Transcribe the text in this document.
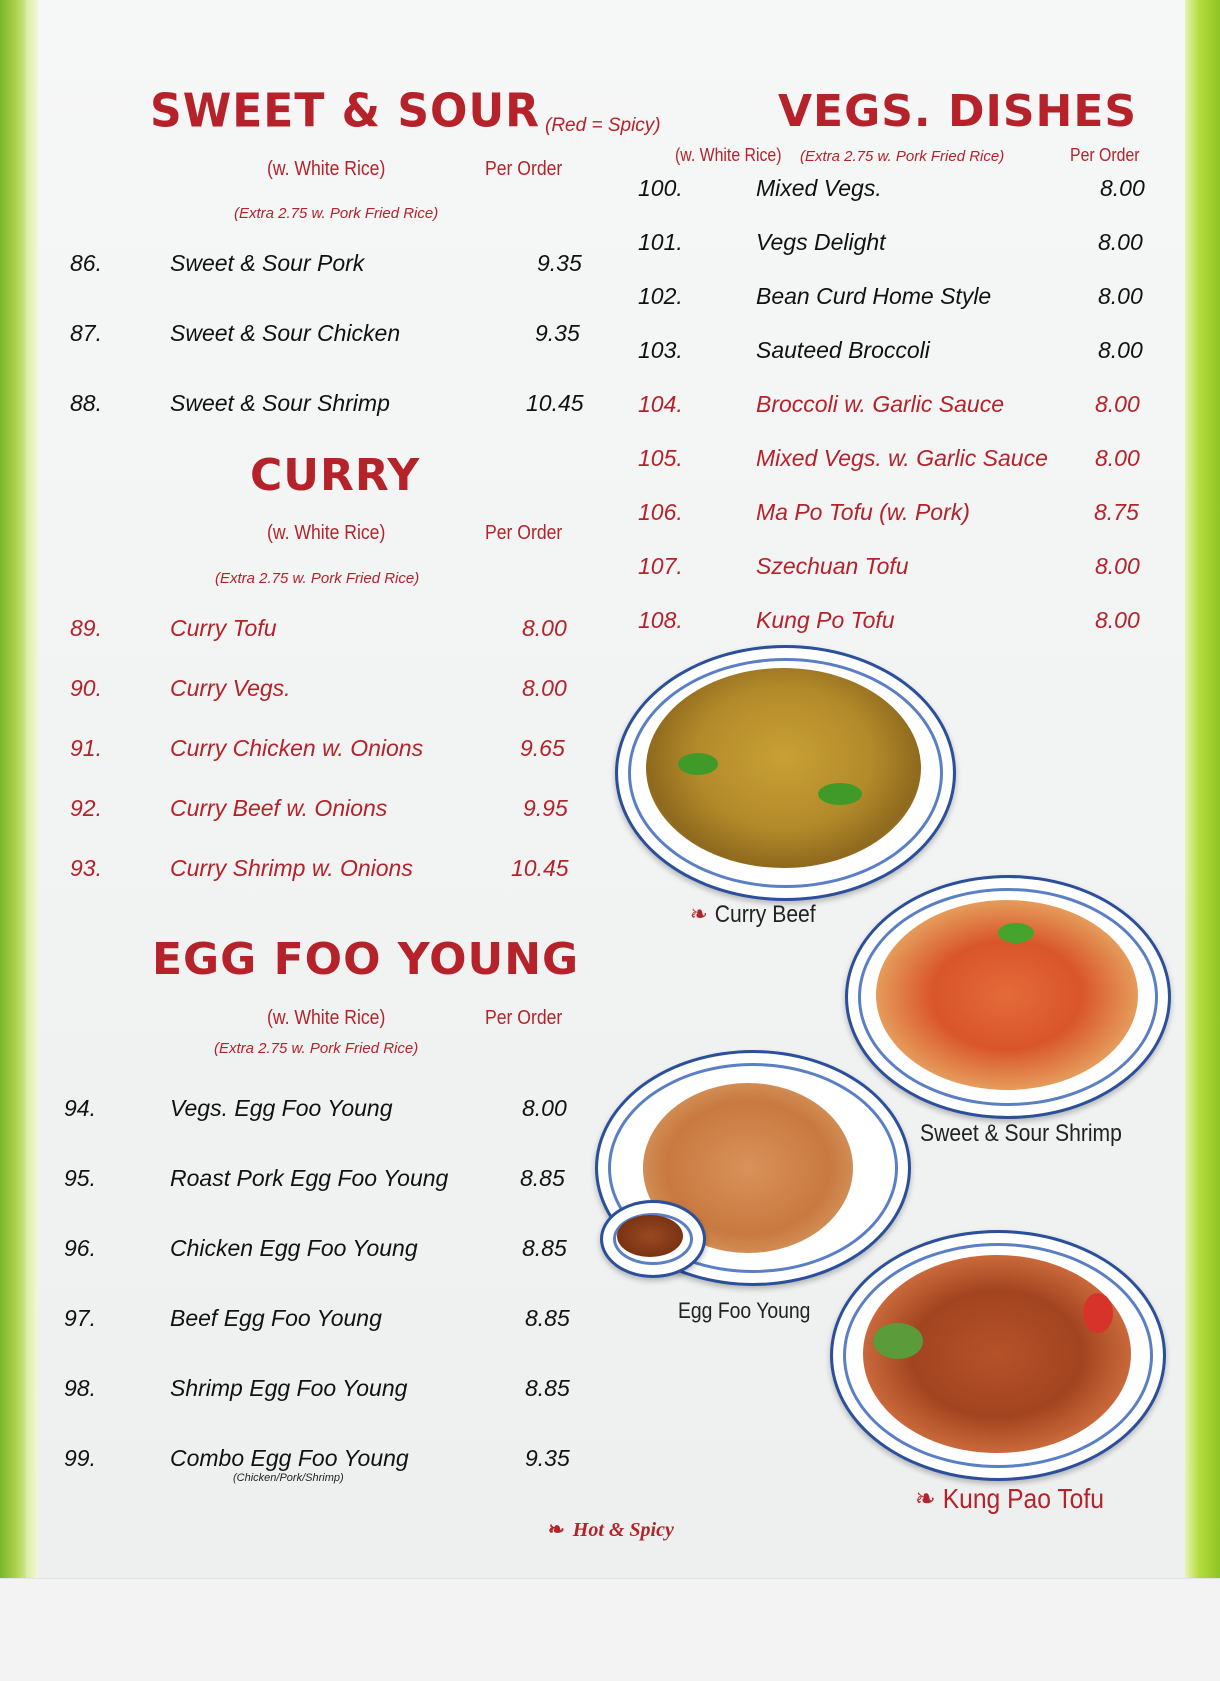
SWEET & SOUR (Red = Spicy)
(w. White Rice)	Per Order
(Extra 2.75 w. Pork Fried Rice)
86.	Sweet & Sour Pork	9.35
87.	Sweet & Sour Chicken	9.35
88.	Sweet & Sour Shrimp	10.45
CURRY
(w. White Rice)	Per Order
(Extra 2.75 w. Pork Fried Rice)
89.	Curry Tofu	8.00
90.	Curry Vegs.	8.00
91.	Curry Chicken w. Onions	9.65
92.	Curry Beef w. Onions	9.95
93.	Curry Shrimp w. Onions	10.45
EGG FOO YOUNG
(w. White Rice)	Per Order
(Extra 2.75 w. Pork Fried Rice)
94.	Vegs. Egg Foo Young	8.00
95.	Roast Pork Egg Foo Young	8.85
96.	Chicken Egg Foo Young	8.85
97.	Beef Egg Foo Young	8.85
98.	Shrimp Egg Foo Young	8.85
99.	Combo Egg Foo Young	9.35
(Chicken/Pork/Shrimp)
VEGS. DISHES
(w. White Rice) (Extra 2.75 w. Pork Fried Rice)	Per Order
100.	Mixed Vegs.	8.00
101.	Vegs Delight	8.00
102.	Bean Curd Home Style	8.00
103.	Sauteed Broccoli	8.00
104.	Broccoli w. Garlic Sauce	8.00
105.	Mixed Vegs. w. Garlic Sauce 8.00
106.	Ma Po Tofu (w. Pork)	8.75
107.	Szechuan Tofu	8.00
108.	Kung Po Tofu	8.00
❧ Curry Beef
Sweet & Sour Shrimp
Egg Foo Young
❧ Kung Pao Tofu
❧ Hot & Spicy
